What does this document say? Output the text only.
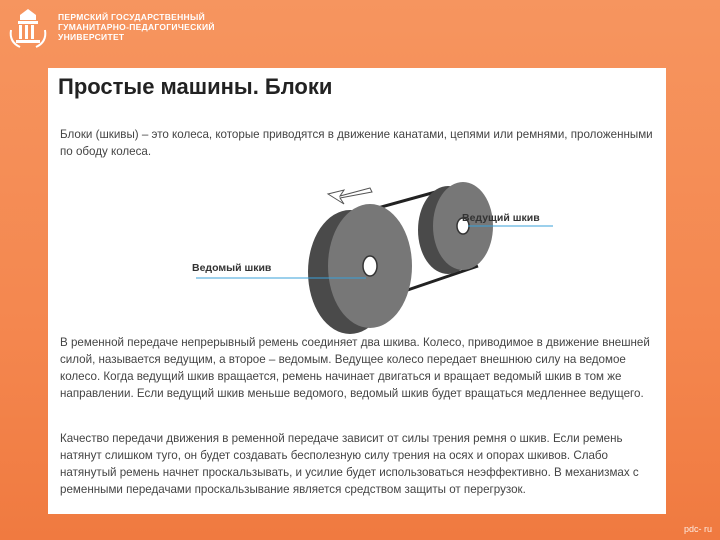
ПЕРМСКИЙ ГОСУДАРСТВЕННЫЙ
ГУМАНИТАРНО-ПЕДАГОГИЧЕСКИЙ
УНИВЕРСИТЕТ
Простые машины. Блоки
Блоки (шкивы) – это колеса, которые приводятся в движение канатами, цепями или ремнями, проложенными по ободу колеса.
Ведущий шкив
Ведомый шкив
В ременной передаче непрерывный ремень соединяет два шкива. Колесо, приводимое в движение внешней силой, называется ведущим, а второе – ведомым. Ведущее колесо передает внешнюю силу на ведомое колесо. Когда ведущий шкив вращается, ремень начинает двигаться и вращает ведомый шкив в том же направлении. Если ведущий шкив меньше ведомого, ведомый шкив будет вращаться медленнее ведущего.
Качество передачи движения в ременной передаче зависит от силы трения ремня о шкив. Если ремень натянут слишком туго, он будет создавать бесполезную силу трения на осях и опорах шкивов. Слабо натянутый ремень начнет проскальзывать, и усилие будет использоваться неэффективно. В механизмах с ременными передачами проскальзывание является средством защиты от перегрузок.
pdc- ru
